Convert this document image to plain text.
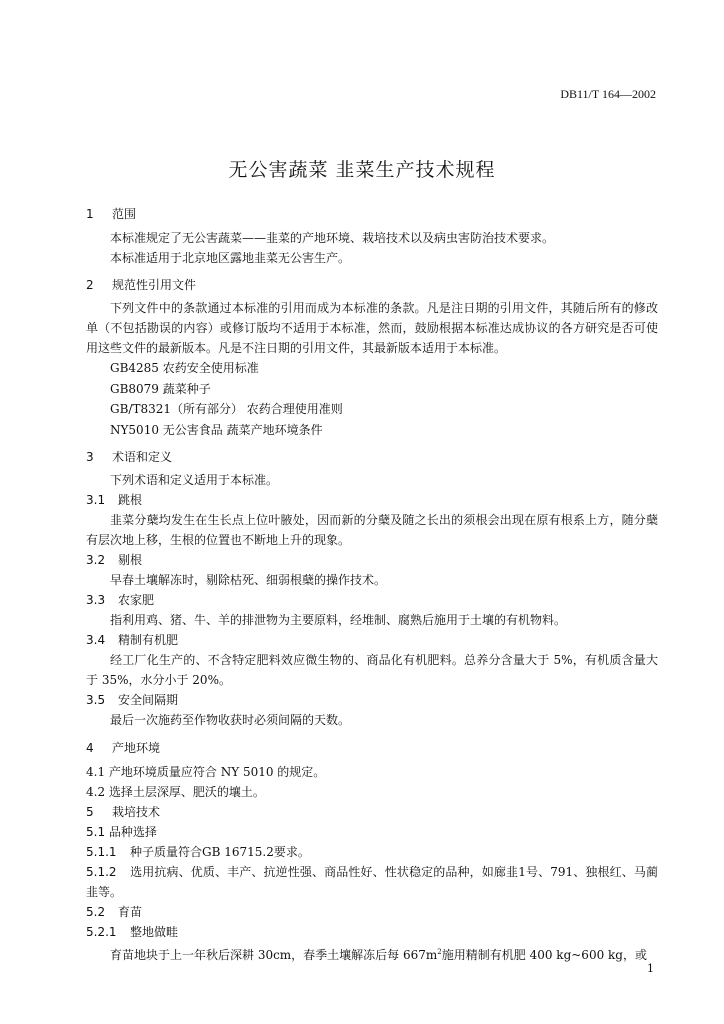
DB11/T 164—2002
无公害蔬菜 韭菜生产技术规程
1 范围
本标准规定了无公害蔬菜——韭菜的产地环境、栽培技术以及病虫害防治技术要求。
本标准适用于北京地区露地韭菜无公害生产。
2 规范性引用文件
下列文件中的条款通过本标准的引用而成为本标准的条款。凡是注日期的引用文件，其随后所有的修改单（不包括勘误的内容）或修订版均不适用于本标准，然而，鼓励根据本标准达成协议的各方研究是否可使用这些文件的最新版本。凡是不注日期的引用文件，其最新版本适用于本标准。
GB4285 农药安全使用标准
GB8079 蔬菜种子
GB/T8321（所有部分） 农药合理使用准则
NY5010 无公害食品 蔬菜产地环境条件
3 术语和定义
下列术语和定义适用于本标准。
3.1 跳根
韭菜分蘖均发生在生长点上位叶腋处，因而新的分蘖及随之长出的须根会出现在原有根系上方，随分蘖有层次地上移，生根的位置也不断地上升的现象。
3.2 剔根
早春土壤解冻时，剔除枯死、细弱根蘖的操作技术。
3.3 农家肥
指利用鸡、猪、牛、羊的排泄物为主要原料，经堆制、腐熟后施用于土壤的有机物料。
3.4 精制有机肥
经工厂化生产的、不含特定肥料效应微生物的、商品化有机肥料。总养分含量大于 5%，有机质含量大于 35%，水分小于 20%。
3.5 安全间隔期
最后一次施药至作物收获时必须间隔的天数。
4 产地环境
4.1 产地环境质量应符合 NY 5010 的规定。
4.2 选择土层深厚、肥沃的壤土。
5 栽培技术
5.1 品种选择
5.1.1 种子质量符合GB 16715.2要求。
5.1.2 选用抗病、优质、丰产、抗逆性强、商品性好、性状稳定的品种，如廊韭1号、791、独根红、马蔺韭等。
5.2 育苗
5.2.1 整地做畦
育苗地块于上一年秋后深耕 30cm，春季土壤解冻后每 $667m^2$施用精制有机肥 400 kg~600 kg，或
1
